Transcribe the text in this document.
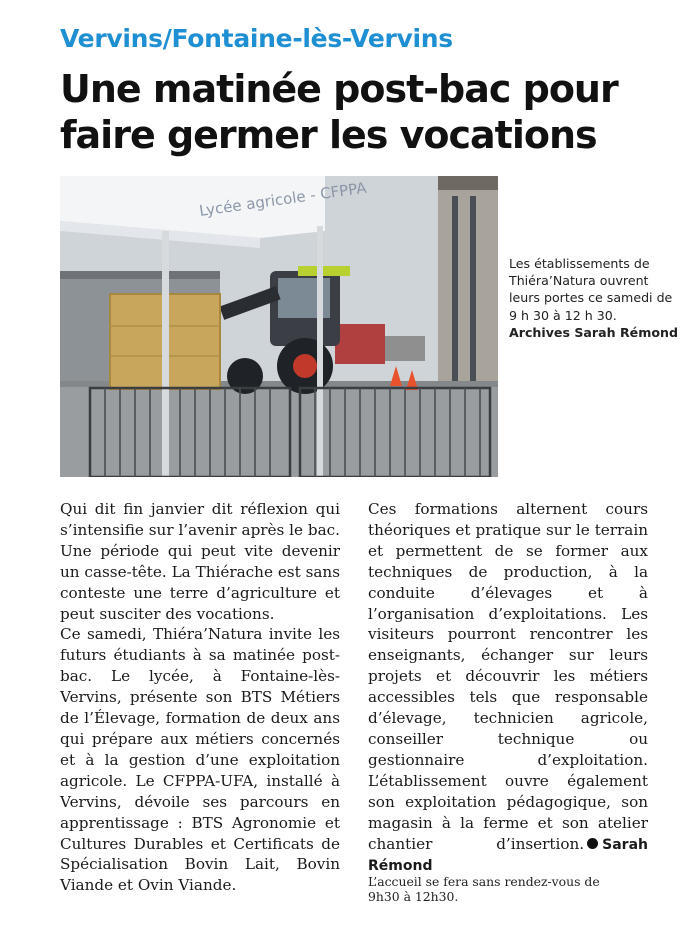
Vervins/Fontaine-lès-Vervins
Une matinée post-bac pour
faire germer les vocations
Lycée agricole - CFPPA
Les établissements de Thiéra’Natura ouvrent leurs portes ce samedi de 9 h 30 à 12 h 30.
Archives Sarah Rémond

Qui dit fin janvier dit réflexion qui s’intensifie sur l’avenir après le bac. Une période qui peut vite devenir un casse-tête. La Thiérache est sans conteste une terre d’agriculture et peut susciter des vocations.

Ce samedi, Thiéra’Natura invite les futurs étudiants à sa matinée post-bac. Le lycée, à Fontaine-lès-Vervins, présente son BTS Métiers de l’Élevage, formation de deux ans qui prépare aux métiers concernés et à la gestion d’une exploitation agricole. Le CFPPA-UFA, installé à Vervins, dévoile ses parcours en apprentissage : BTS Agronomie et Cultures Durables et Certificats de Spécialisation Bovin Lait, Bovin Viande et Ovin Viande.

Ces formations alternent cours théoriques et pratique sur le terrain et permettent de se former aux techniques de production, à la conduite d’élevages et à l’organisation d’exploitations. Les visiteurs pourront rencontrer les enseignants, échanger sur leurs projets et découvrir les métiers accessibles tels que responsable d’élevage, technicien agricole, conseiller technique ou gestionnaire d’exploitation. L’établissement ouvre également son exploitation pédagogique, son magasin à la ferme et son atelier chantier d’insertion. Sarah Rémond

L’accueil se fera sans rendez-vous de 9h30 à 12h30.
